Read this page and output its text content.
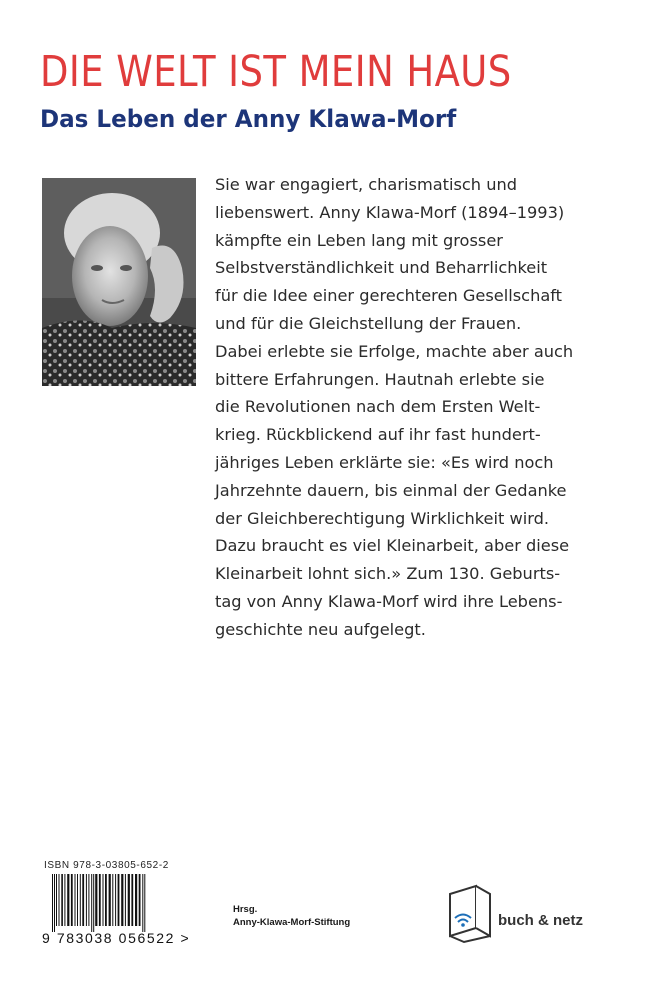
DIE WELT IST MEIN HAUS
Das Leben der Anny Klawa-Morf
Sie war engagiert, charismatisch und
liebenswert. Anny Klawa-Morf (1894–1993)
kämpfte ein Leben lang mit grosser
Selbstverständlichkeit und Beharrlichkeit
für die Idee einer gerechteren Gesellschaft
und für die Gleichstellung der Frauen.
Dabei erlebte sie Erfolge, machte aber auch
bittere Erfahrungen. Hautnah erlebte sie
die Revolutionen nach dem Ersten Welt-
krieg. Rückblickend auf ihr fast hundert-
jähriges Leben erklärte sie: «Es wird noch
Jahrzehnte dauern, bis einmal der Gedanke
der Gleichberechtigung Wirklichkeit wird.
Dazu braucht es viel Kleinarbeit, aber diese
Kleinarbeit lohnt sich.» Zum 130. Geburts-
tag von Anny Klawa-Morf wird ihre Lebens-
geschichte neu aufgelegt.
ISBN 978-3-03805-652-2
9 783038 056522 >
Hrsg.
Anny-Klawa-Morf-Stiftung	buch & netz
